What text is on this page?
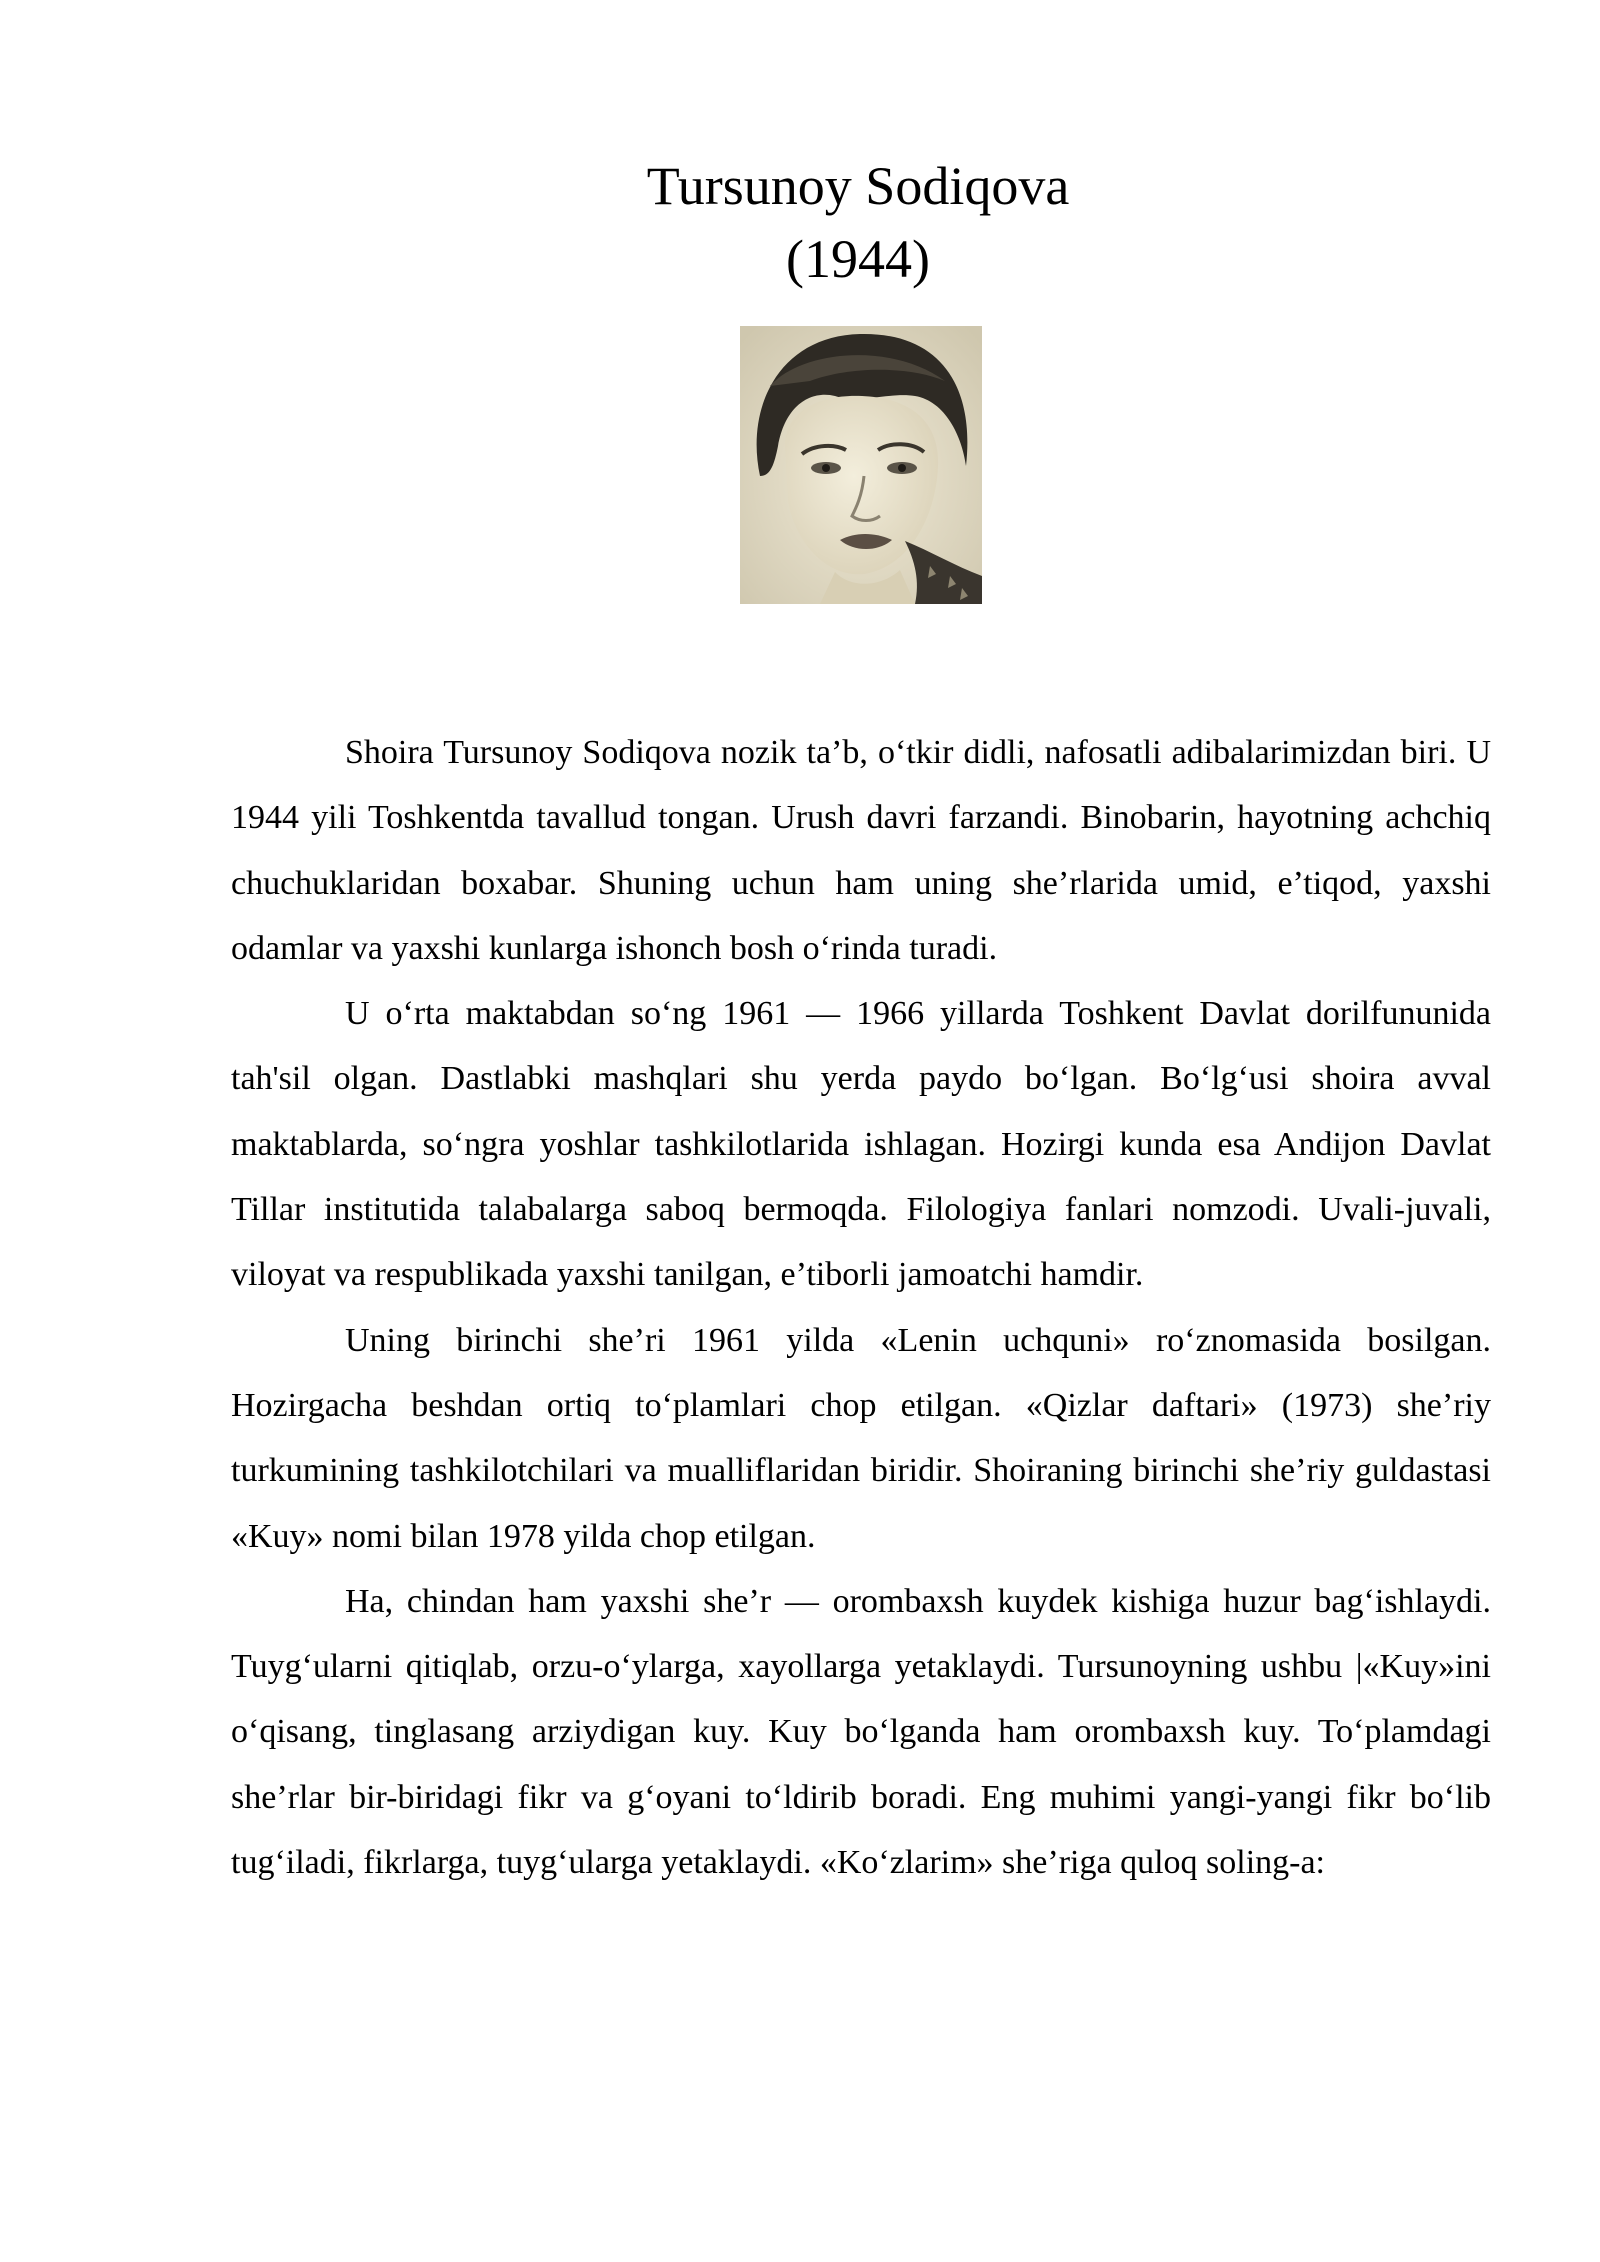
Tursunoy Sodiqova
(1944)

Shoira Tursunoy Sodiqova nozik ta’b, o‘tkir didli, nafosatli adibalarimizdan biri. U 1944 yili Toshkentda tavallud tongan. Urush davri farzandi. Binobarin, hayotning achchiq chuchuklaridan boxabar. Shuning uchun ham uning she’rlarida umid, e’tiqod, yaxshi odamlar va yaxshi kunlarga ishonch bosh o‘rinda turadi.

U o‘rta maktabdan so‘ng 1961 — 1966 yillarda Toshkent Davlat dorilfununida tah'sil olgan. Dastlabki mashqlari shu yerda paydo bo‘lgan. Bo‘lg‘usi shoira avval maktablarda, so‘ngra yoshlar tashkilotlarida ishlagan. Hozirgi kunda esa Andijon Davlat Tillar institutida talabalarga saboq bermoqda. Filologiya fanlari nomzodi. Uvali-juvali, viloyat va respublikada yaxshi tanilgan, e’tiborli jamoatchi hamdir.

Uning birinchi she’ri 1961 yilda «Lenin uchquni» ro‘znomasida bosilgan. Hozirgacha beshdan ortiq to‘plamlari chop etilgan. «Qizlar daftari» (1973) she’riy turkumining tashkilotchilari va mualliflaridan biridir. Shoiraning birinchi she’riy guldastasi «Kuy» nomi bilan 1978 yilda chop etilgan.

Ha, chindan ham yaxshi she’r — orombaxsh kuydek kishiga huzur bag‘ishlaydi. Tuyg‘ularni qitiqlab, orzu-o‘ylarga, xayollarga yetaklaydi. Tursunoyning ushbu |«Kuy»ini o‘qisang, tinglasang arziydigan kuy. Kuy bo‘lganda ham orombaxsh kuy. To‘plamdagi she’rlar bir-biridagi fikr va g‘oyani to‘ldirib boradi. Eng muhimi yangi-yangi fikr bo‘lib tug‘iladi, fikrlarga, tuyg‘ularga yetaklaydi. «Ko‘zlarim» she’riga quloq soling-a:
